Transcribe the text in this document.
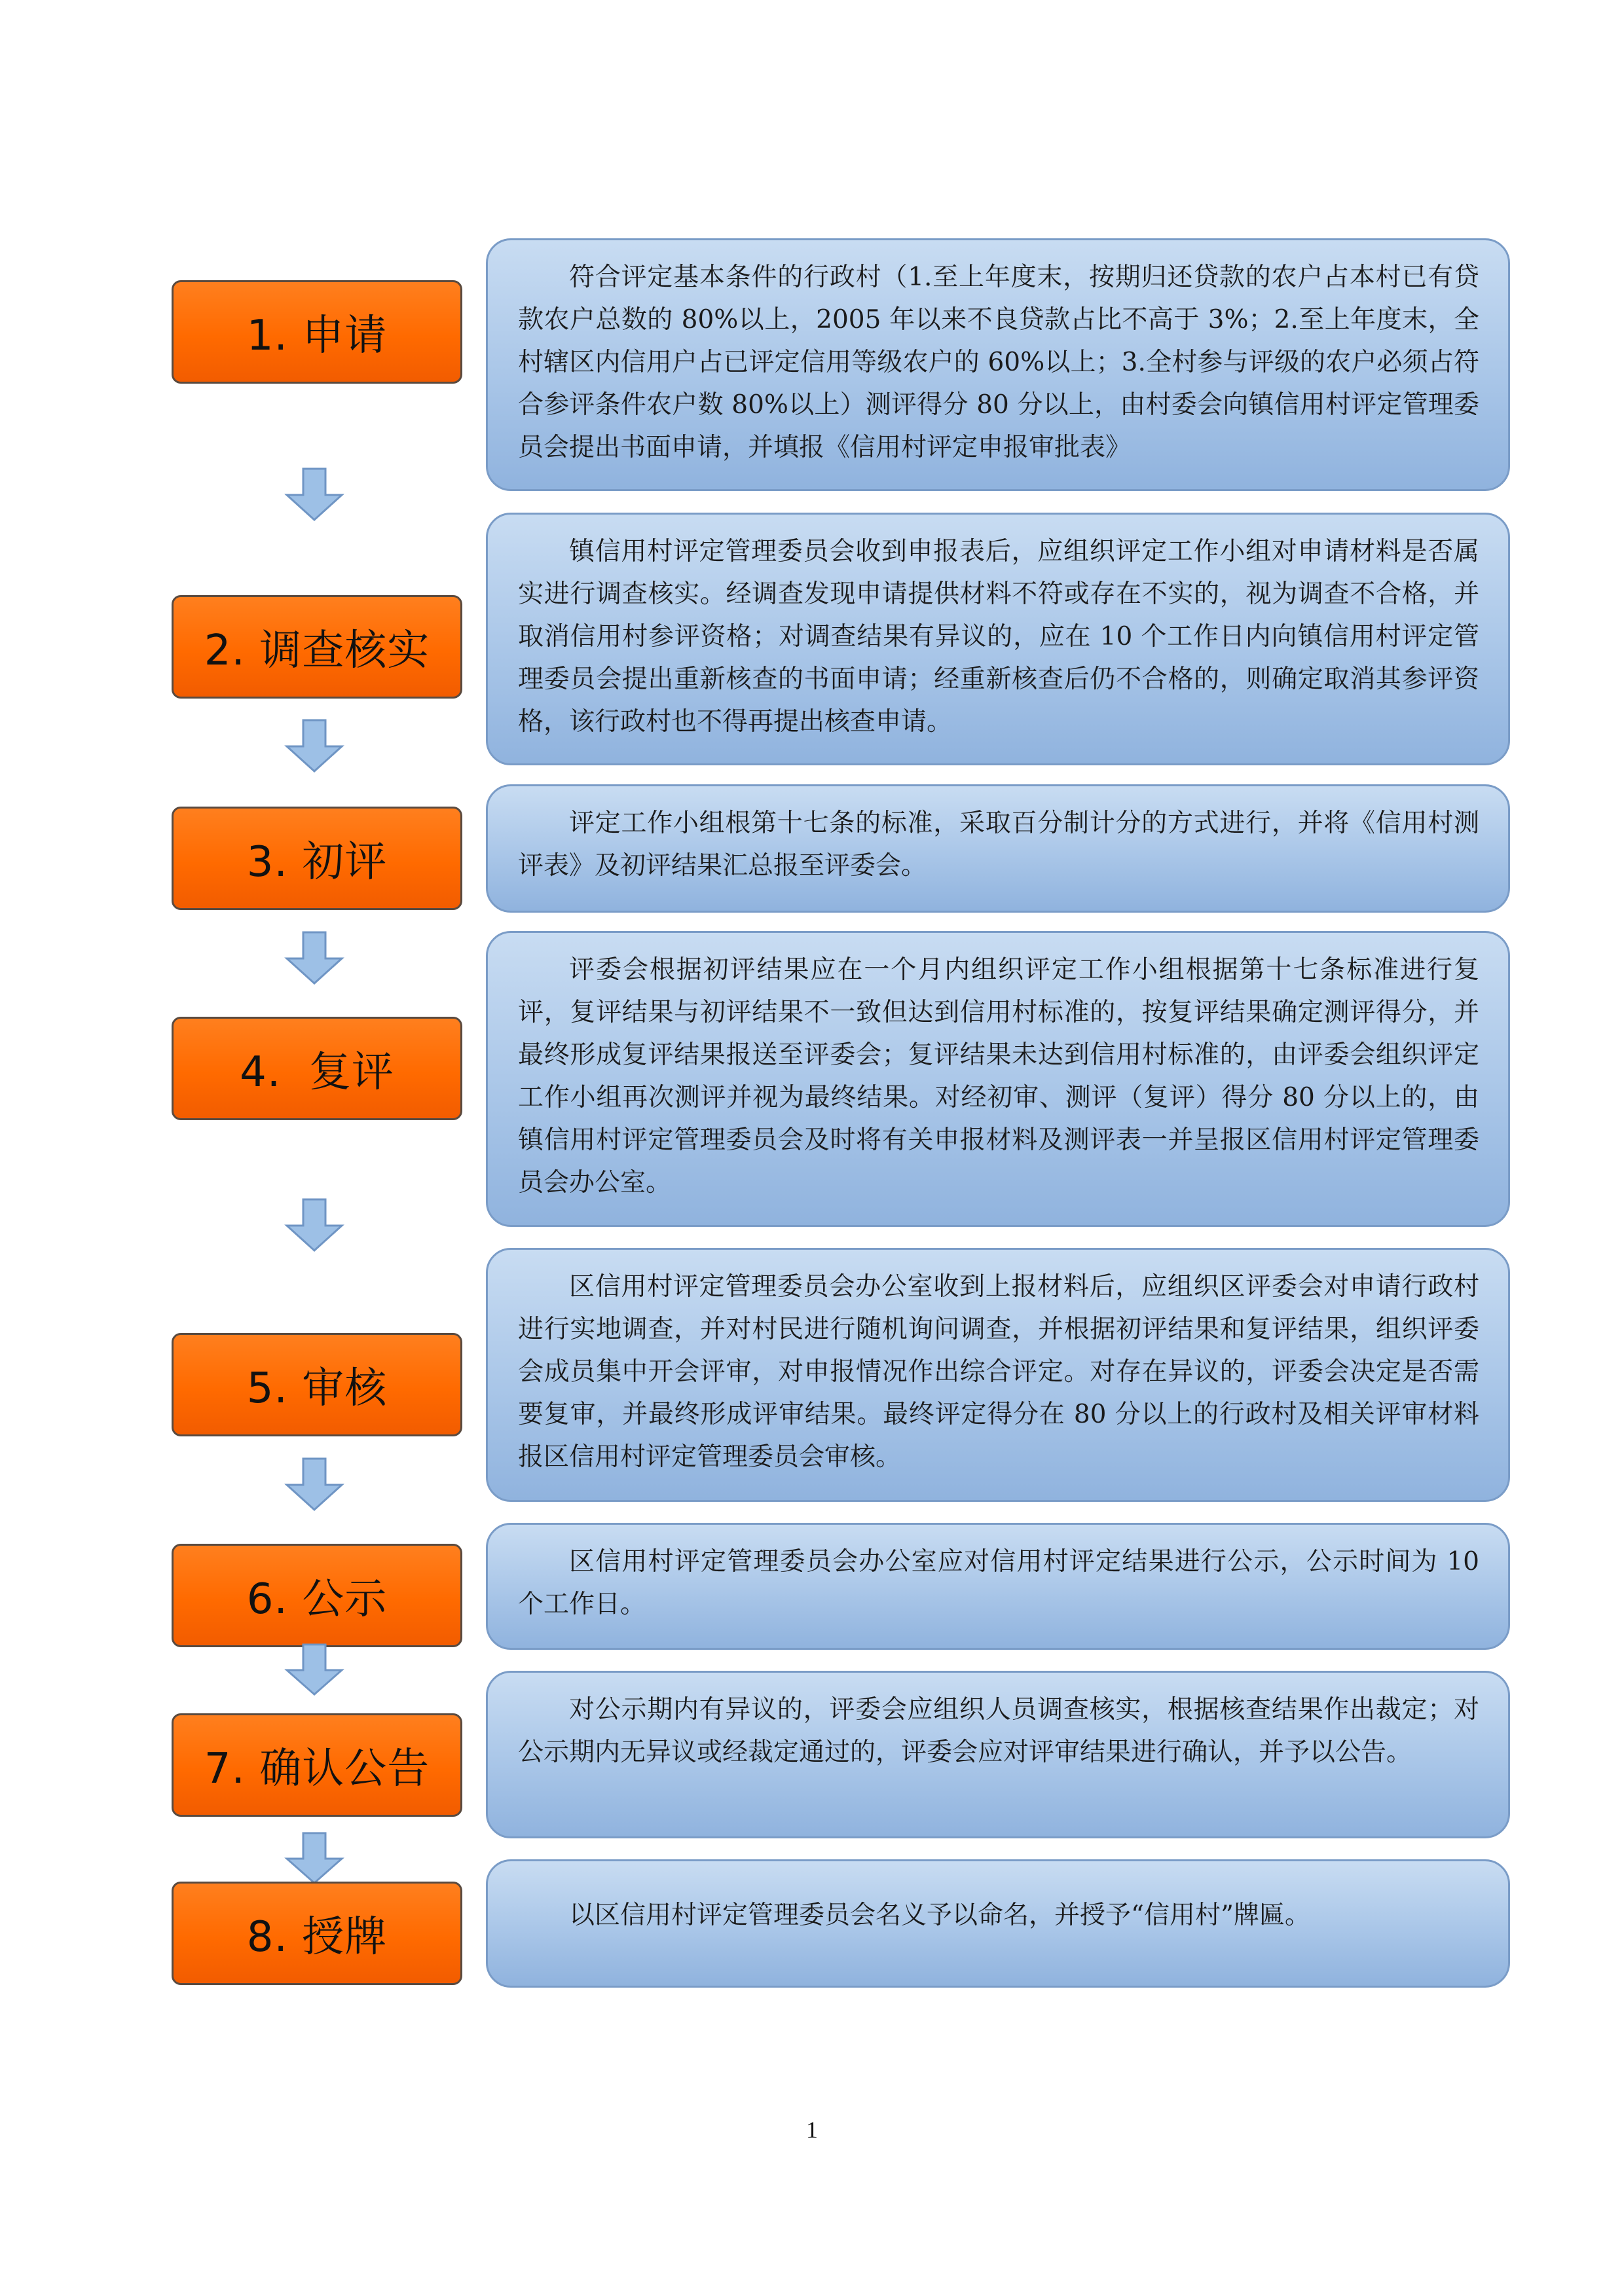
1. 申请
符合评定基本条件的行政村（1.至上年度末，按期归还贷款的农户占本村已有贷款农户总数的 80%以上，2005 年以来不良贷款占比不高于 3%；2.至上年度末，全村辖区内信用户占已评定信用等级农户的 60%以上；3.全村参与评级的农户必须占符合参评条件农户数 80%以上）测评得分 80 分以上，由村委会向镇信用村评定管理委员会提出书面申请，并填报《信用村评定申报审批表》
2. 调查核实
镇信用村评定管理委员会收到申报表后，应组织评定工作小组对申请材料是否属实进行调查核实。经调查发现申请提供材料不符或存在不实的，视为调查不合格，并取消信用村参评资格；对调查结果有异议的，应在 10 个工作日内向镇信用村评定管理委员会提出重新核查的书面申请；经重新核查后仍不合格的，则确定取消其参评资格，该行政村也不得再提出核查申请。
3. 初评
评定工作小组根第十七条的标准，采取百分制计分的方式进行，并将《信用村测评表》及初评结果汇总报至评委会。
4.  复评
评委会根据初评结果应在一个月内组织评定工作小组根据第十七条标准进行复评，复评结果与初评结果不一致但达到信用村标准的，按复评结果确定测评得分，并最终形成复评结果报送至评委会；复评结果未达到信用村标准的，由评委会组织评定工作小组再次测评并视为最终结果。对经初审、测评（复评）得分 80 分以上的，由镇信用村评定管理委员会及时将有关申报材料及测评表一并呈报区信用村评定管理委员会办公室。
5. 审核
区信用村评定管理委员会办公室收到上报材料后，应组织区评委会对申请行政村进行实地调查，并对村民进行随机询问调查，并根据初评结果和复评结果，组织评委会成员集中开会评审，对申报情况作出综合评定。对存在异议的，评委会决定是否需要复审，并最终形成评审结果。最终评定得分在 80 分以上的行政村及相关评审材料报区信用村评定管理委员会审核。
6. 公示
区信用村评定管理委员会办公室应对信用村评定结果进行公示，公示时间为 10 个工作日。
7. 确认公告
对公示期内有异议的，评委会应组织人员调查核实，根据核查结果作出裁定；对公示期内无异议或经裁定通过的，评委会应对评审结果进行确认，并予以公告。
8. 授牌	以区信用村评定管理委员会名义予以命名，并授予“信用村”牌匾。
1
